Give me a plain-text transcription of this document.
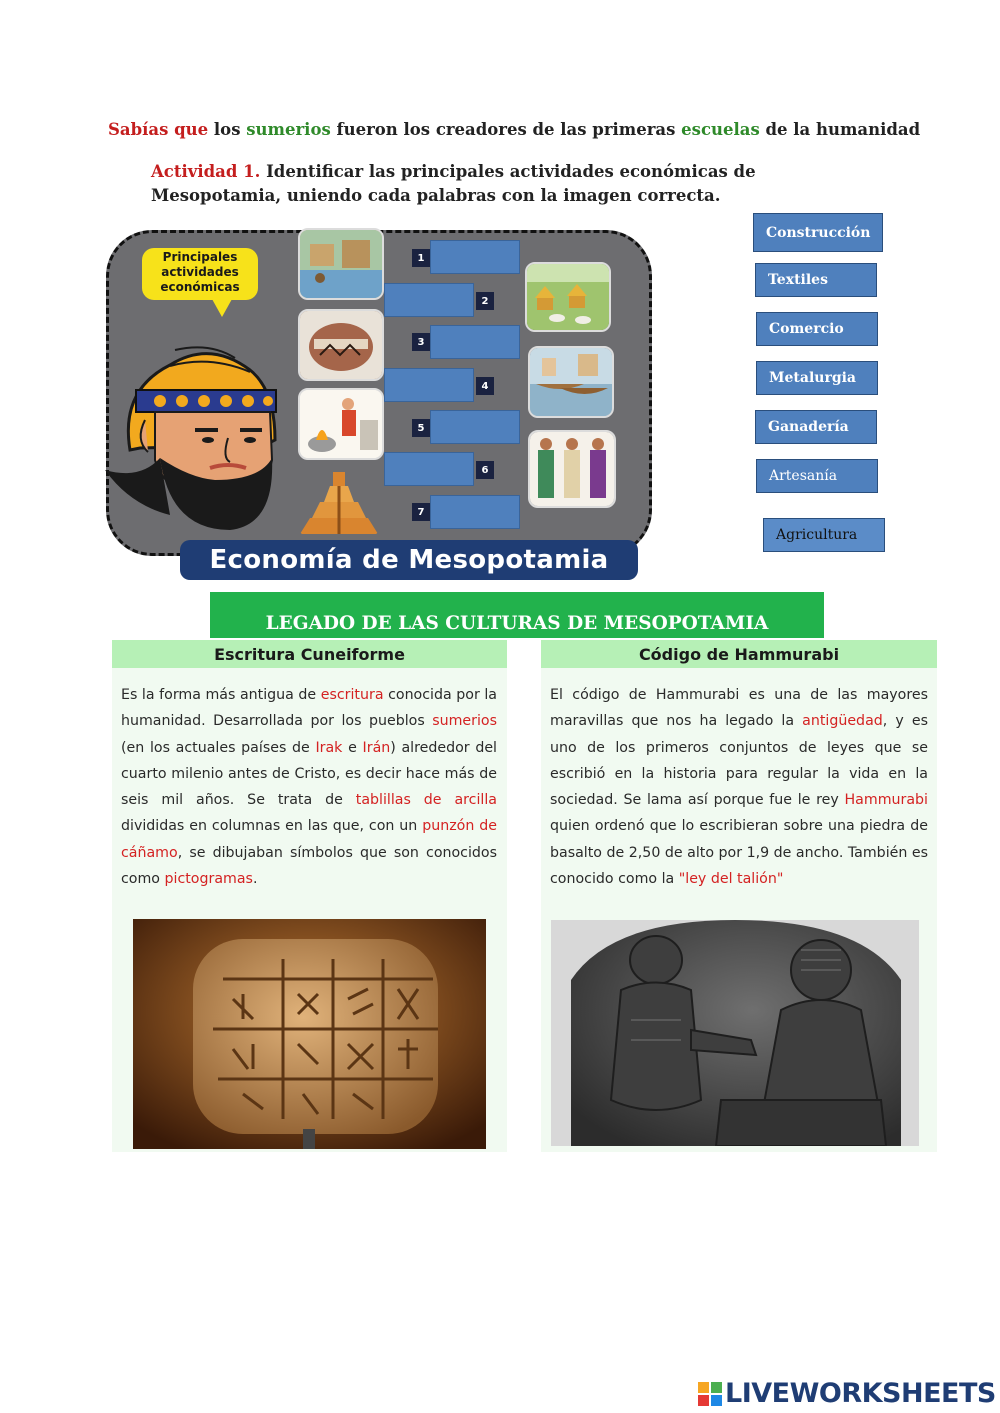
Sabías que los sumerios fueron los creadores de las primeras escuelas de la humanidad
Actividad 1. Identificar las principales actividades económicas de Mesopotamia, uniendo cada palabras con la imagen correcta.
Construcción
Textiles
Comercio
Metalurgia
Ganadería
Artesanía
Agricultura
Principales actividades económicas
1
2
3
4
5
6
7
Economía de Mesopotamia
LEGADO DE LAS CULTURAS DE MESOPOTAMIA
Escritura Cuneiforme	Código de Hammurabi
Es la forma más antigua de escritura conocida por la humanidad. Desarrollada por los pueblos sumerios (en los actuales países de Irak e Irán) alrededor del cuarto milenio antes de Cristo, es decir hace más de seis mil años. Se trata de tablillas de arcilla divididas en columnas en las que, con un punzón de cáñamo, se dibujaban símbolos que son conocidos como pictogramas.
El código de Hammurabi es una de las mayores maravillas que nos ha legado la antigüedad, y es uno de los primeros conjuntos de leyes que se escribió en la historia para regular la vida en la sociedad. Se lama así porque fue le rey Hammurabi quien ordenó que lo escribieran sobre una piedra de basalto de 2,50 de alto por 1,9 de ancho. También es conocido como la "ley del talión"
LIVEWORKSHEETS
